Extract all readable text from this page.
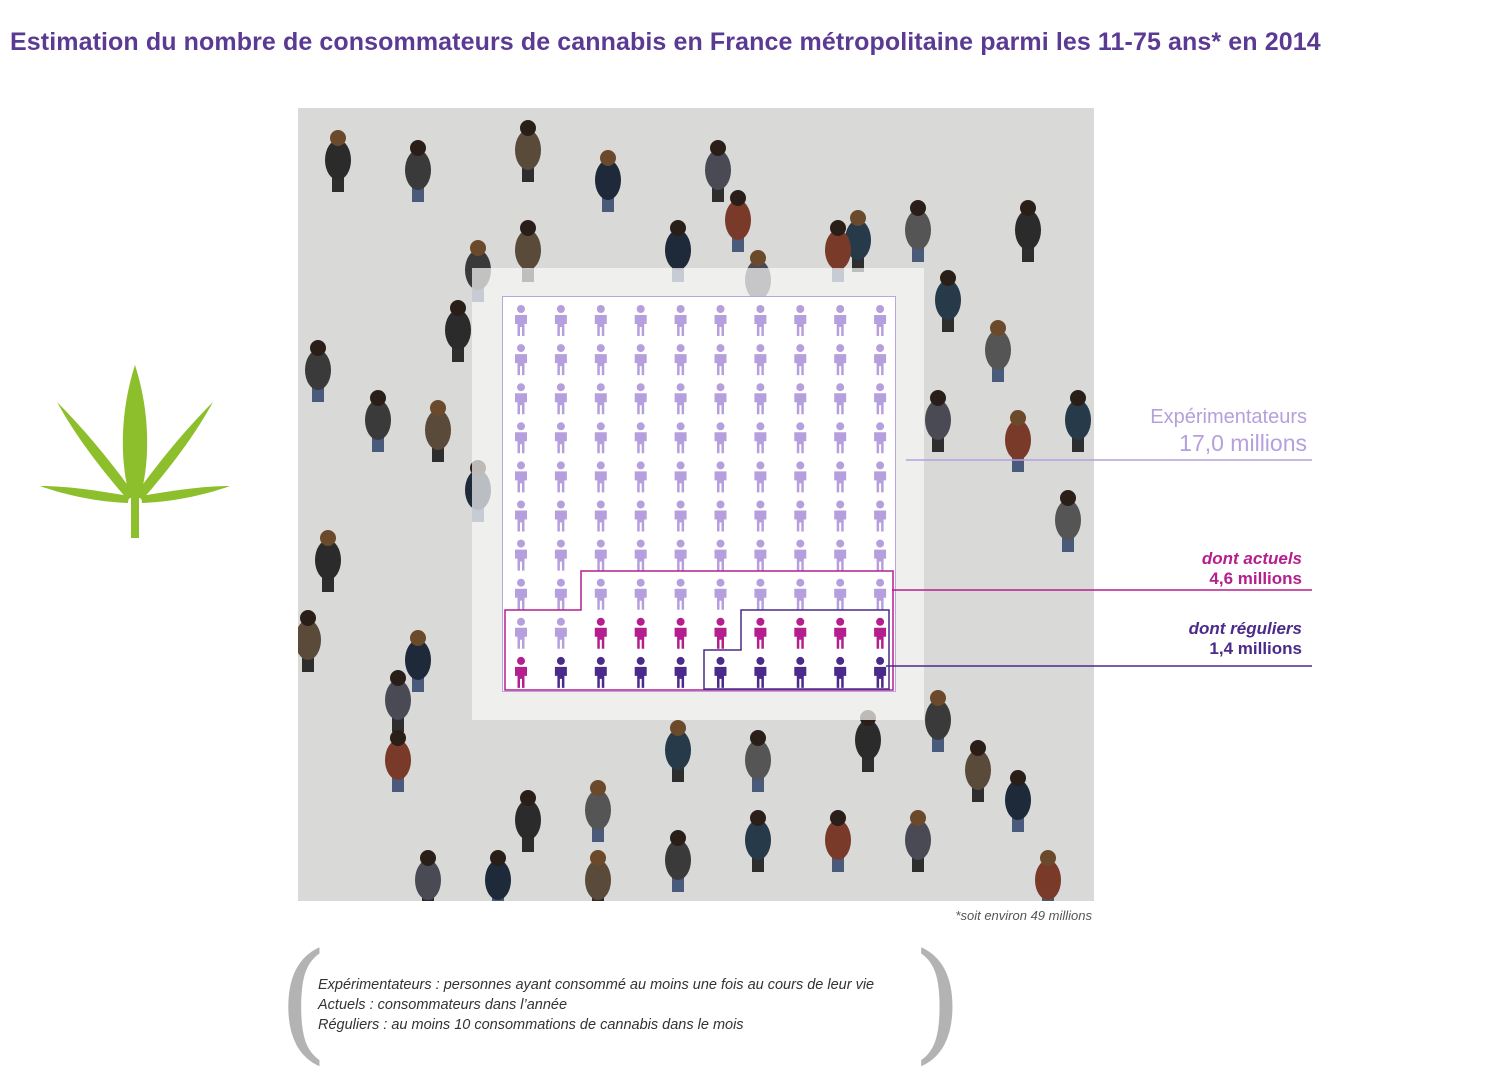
Estimation du nombre de consommateurs de cannabis en France métropolitaine parmi les 11-75 ans* en 2014
Expérimentateurs
17,0 millions
dont actuels
4,6 millions
dont réguliers
1,4 millions
*soit environ 49 millions
(	)
Expérimentateurs : personnes ayant consommé au moins une fois au cours de leur vie
Actuels : consommateurs dans l’année
Réguliers : au moins 10 consommations de cannabis dans le mois
